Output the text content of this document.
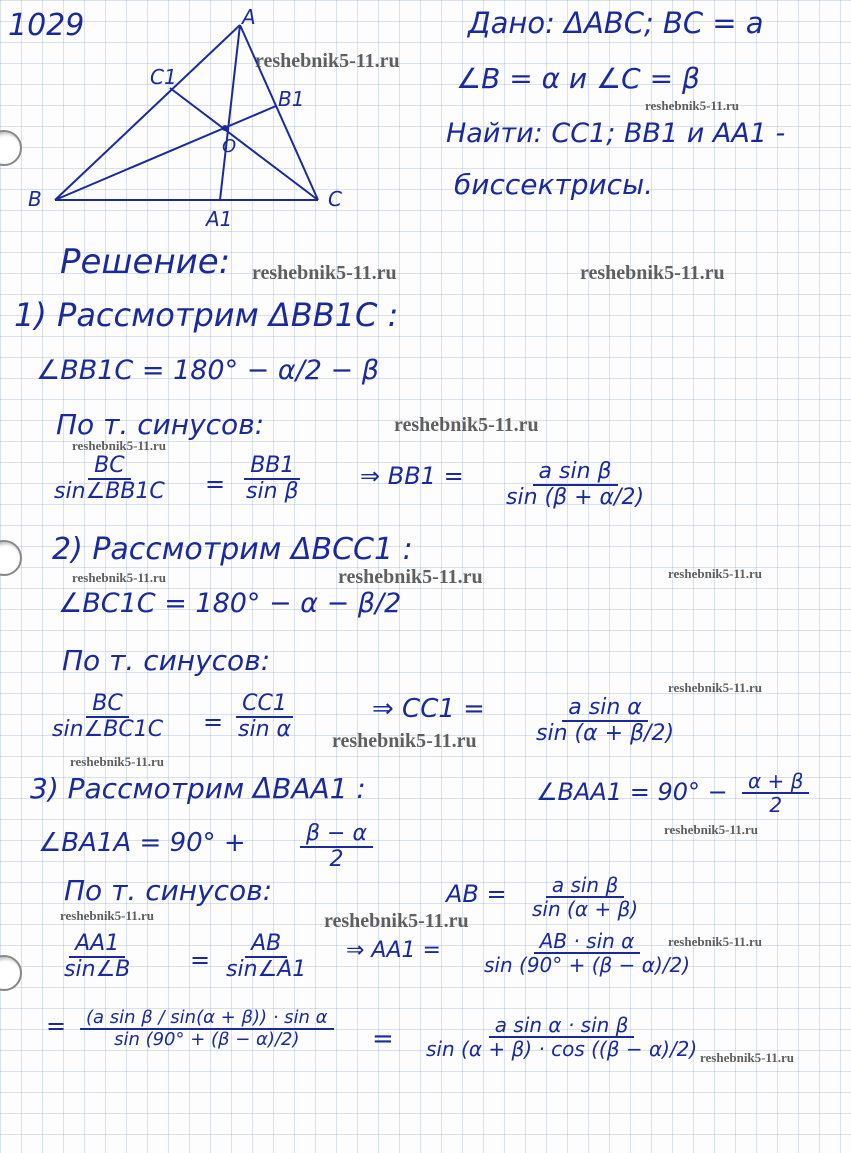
1029	A
B	C
A1
B1
C1
O
Дано: ΔABC; BC = a
∠B = α и ∠C = β
Найти: CC1; BB1 и AA1 -
биссектрисы.
Решение:
1) Рассмотрим ΔBB1C :
∠BB1C = 180° − α/2 − β
По т. синусов:
$\frac{BC}{\sin\angle BB1C} = \frac{BB1}{\text{sin β}}$ ⇒ $BB1 = \frac{\text{a sin β}}{\sin (\beta + \alpha/2)}$
2) Рассмотрим ΔBCC1 :
∠BC1C = 180° − α − β/2
По т. синусов:
$\frac{BC}{\sin\angle BC1C} = \frac{CC1}{\text{sin α}}$	⇒ $CC1 = \frac{\text{a sin α}}{\sin (\alpha + \beta/2)}$
3) Рассмотрим ΔBAA1 :	∠BAA1 = $90^\circ - \frac{\alpha + \beta}{2}$
∠BA1A = $90^\circ + \frac{\beta - \alpha}{2}$
По т. синусов:	AB = $\frac{\text{a sin β}}{\sin (\alpha + \beta)}$
$\frac{AA1}{\sin\angle B} = \frac{AB}{\sin\angle A1}$ ⇒ $AA1 = \frac{\text{AB · sin α}}{\sin (90^\circ + (\beta - \alpha)/2)}$
= $\frac{\text{(a sin β / sin(α + β)) · sin α}}{\sin (90^\circ + (\beta - \alpha)/2)} = \frac{\text{a sin α · sin β}}{\sin (\alpha + \beta) \cdot \cos ((\beta - \alpha)/2)}$
reshebnik5-11.ru
reshebnik5-11.ru
reshebnik5-11.ru	reshebnik5-11.ru
reshebnik5-11.ru
reshebnik5-11.ru
reshebnik5-11.ru
reshebnik5-11.ru	reshebnik5-11.ru
reshebnik5-11.ru
reshebnik5-11.ru
reshebnik5-11.ru
reshebnik5-11.ru
reshebnik5-11.ru	reshebnik5-11.ru
reshebnik5-11.ru
reshebnik5-11.ru
